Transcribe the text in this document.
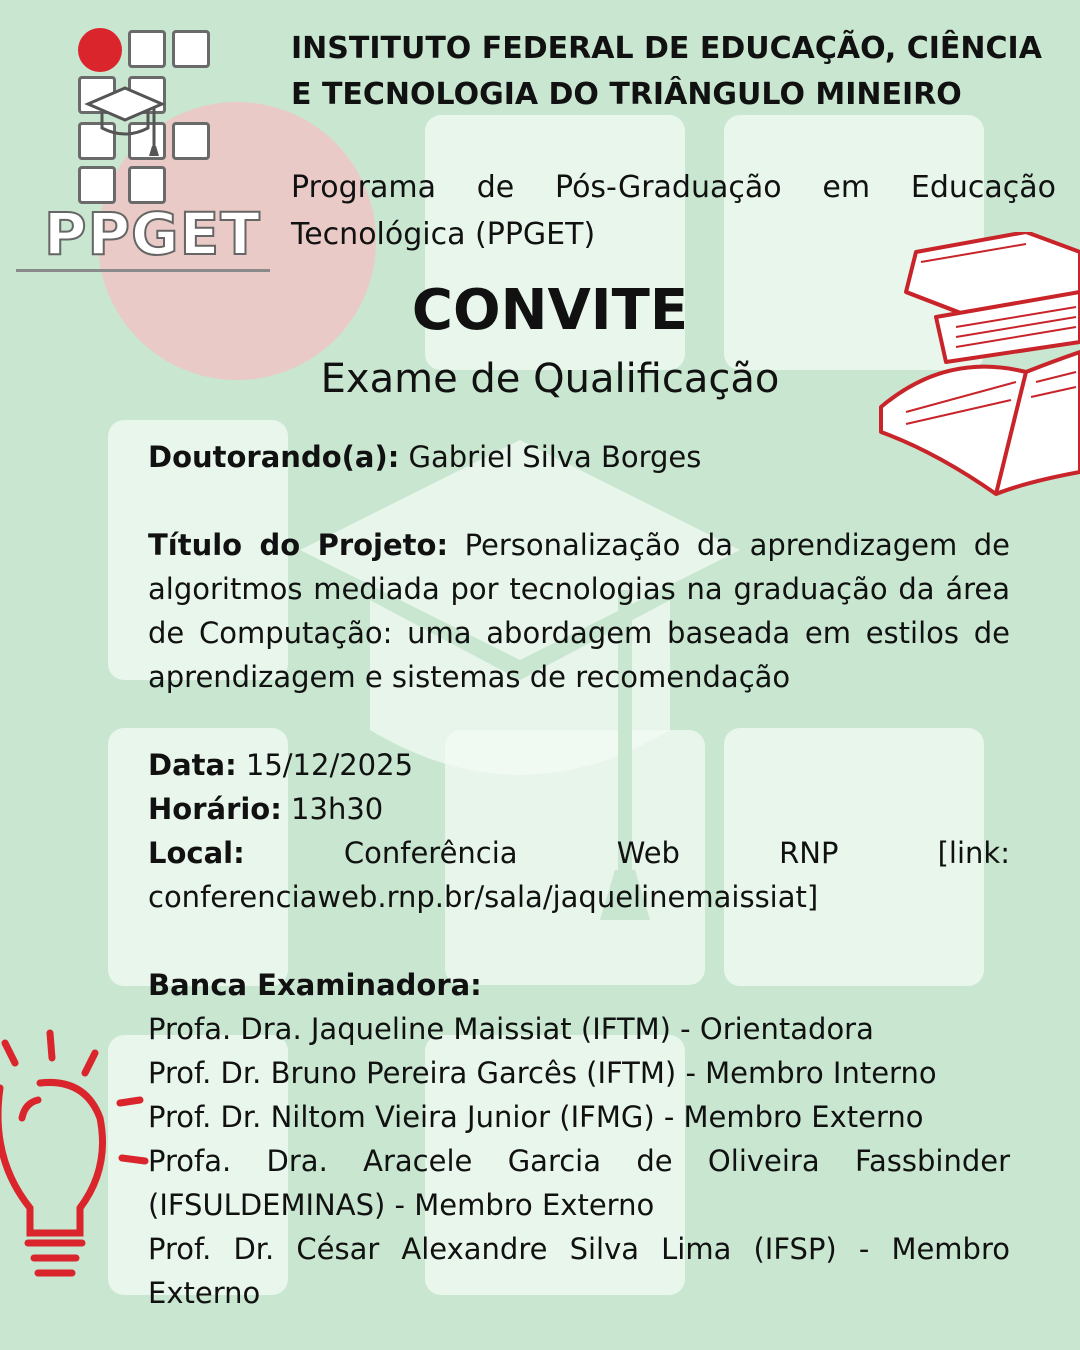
PPGET
INSTITUTO FEDERAL DE EDUCAÇÃO, CIÊNCIA E TECNOLOGIA DO TRIÂNGULO MINEIRO
Programa de Pós-Graduação em Educação Tecnológica (PPGET)
CONVITE
Exame de Qualificação

Doutorando(a): Gabriel Silva Borges

Título do Projeto: Personalização da aprendizagem de algoritmos mediada por tecnologias na graduação da área de Computação: uma abordagem baseada em estilos de aprendizagem e sistemas de recomendação

Data: 15/12/2025

Horário: 13h30

Local: Conferência Web RNP [link: conferenciaweb.rnp.br/sala/jaquelinemaissiat]

Banca Examinadora:

Profa. Dra. Jaqueline Maissiat (IFTM) - Orientadora

Prof. Dr. Bruno Pereira Garcês (IFTM) - Membro Interno

Prof. Dr. Niltom Vieira Junior (IFMG) - Membro Externo

Profa. Dra. Aracele Garcia de Oliveira Fassbinder (IFSULDEMINAS) - Membro Externo

Prof. Dr. César Alexandre Silva Lima (IFSP) - Membro Externo
